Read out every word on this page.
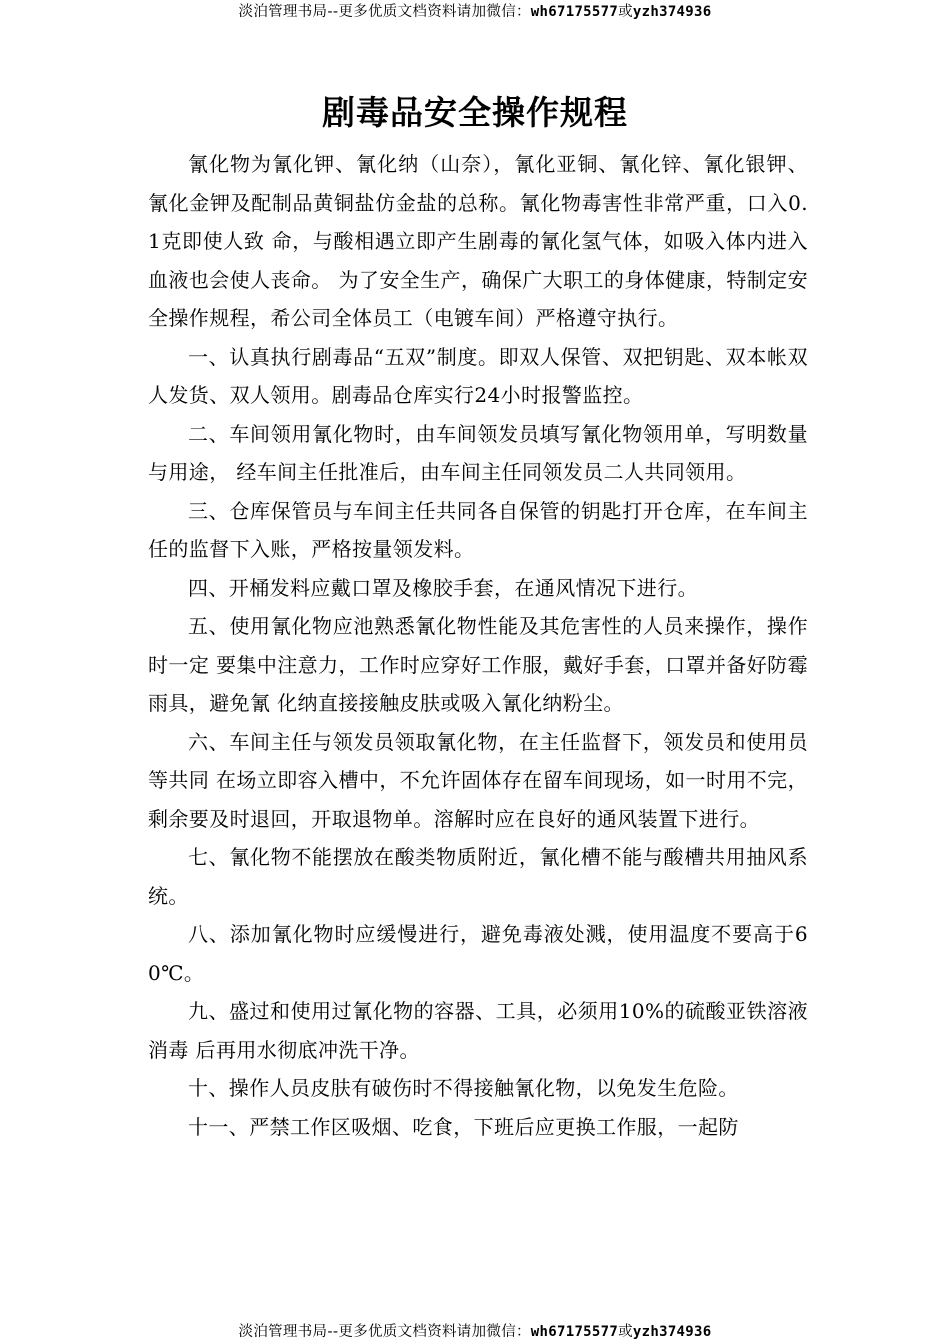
淡泊管理书局--更多优质文档资料请加微信：wh67175577或yzh374936
剧毒品安全操作规程

氰化物为氰化钾、氰化纳（山奈），氰化亚铜、氰化锌、氰化银钾、氰化金钾及配制品黄铜盐仿金盐的总称。氰化物毒害性非常严重，口入0.1克即使人致 命，与酸相遇立即产生剧毒的氰化氢气体，如吸入体内进入血液也会使人丧命。 为了安全生产，确保广大职工的身体健康，特制定安全操作规程，希公司全体员工（电镀车间）严格遵守执行。

一、认真执行剧毒品“五双”制度。即双人保管、双把钥匙、双本帐双人发货、双人领用。剧毒品仓库实行24小时报警监控。

二、车间领用氰化物时，由车间领发员填写氰化物领用单，写明数量与用途， 经车间主任批准后，由车间主任同领发员二人共同领用。

三、仓库保管员与车间主任共同各自保管的钥匙打开仓库，在车间主任的监督下入账，严格按量领发料。

四、开桶发料应戴口罩及橡胶手套，在通风情况下进行。

五、使用氰化物应池熟悉氰化物性能及其危害性的人员来操作，操作时一定 要集中注意力，工作时应穿好工作服，戴好手套，口罩并备好防霉雨具，避免氰 化纳直接接触皮肤或吸入氰化纳粉尘。

六、车间主任与领发员领取氰化物，在主任监督下，领发员和使用员等共同 在场立即容入槽中，不允许固体存在留车间现场，如一时用不完，剩余要及时退回，开取退物单。溶解时应在良好的通风装置下进行。

七、氰化物不能摆放在酸类物质附近，氰化槽不能与酸槽共用抽风系统。

八、添加氰化物时应缓慢进行，避免毒液处溅，使用温度不要高于60℃。

九、盛过和使用过氰化物的容器、工具，必须用10%的硫酸亚铁溶液消毒 后再用水彻底冲洗干净。

十、操作人员皮肤有破伤时不得接触氰化物，以免发生危险。

十一、严禁工作区吸烟、吃食，下班后应更换工作服，一起防

淡泊管理书局--更多优质文档资料请加微信：wh67175577或yzh374936
